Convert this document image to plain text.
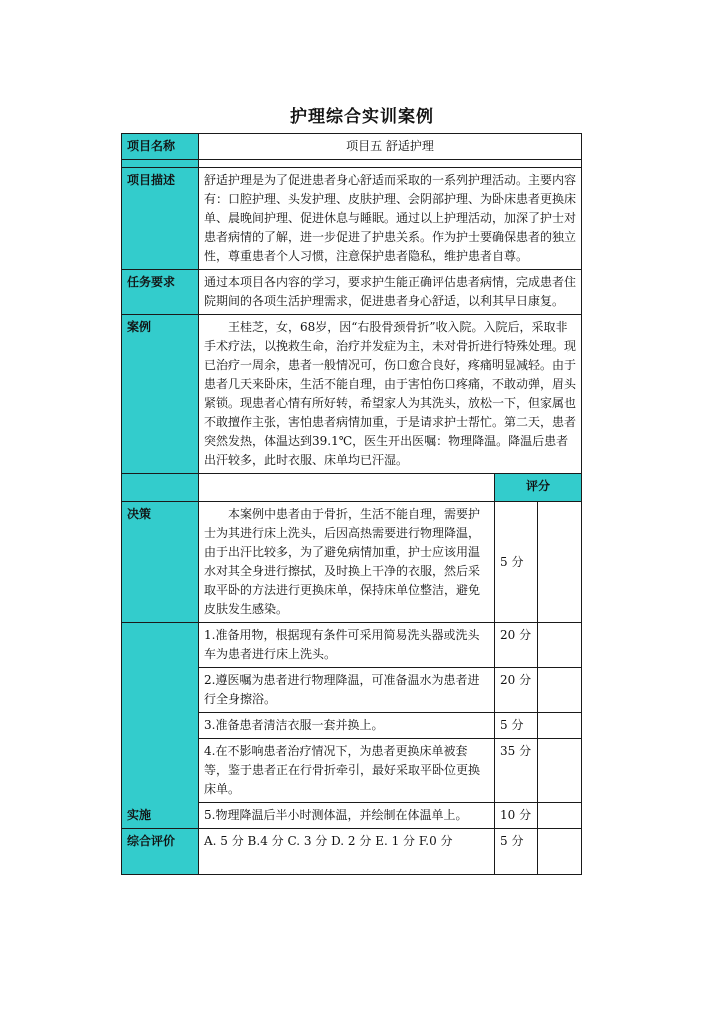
护理综合实训案例
项目名称	项目五 舒适护理		

项目描述	舒适护理是为了促进患者身心舒适而采取的一系列护理活动。主要内容有：口腔护理、头发护理、皮肤护理、会阴部护理、为卧床患者更换床单、晨晚间护理、促进休息与睡眠。通过以上护理活动，加深了护士对患者病情的了解，进一步促进了护患关系。作为护士要确保患者的独立性，尊重患者个人习惯，注意保护患者隐私，维护患者自尊。		
任务要求	通过本项目各内容的学习，要求护生能正确评估患者病情，完成患者住院期间的各项生活护理需求，促进患者身心舒适，以利其早日康复。		
案例	王桂芝，女，68岁，因“右股骨颈骨折”收入院。入院后，采取非手术疗法，以挽救生命，治疗并发症为主，未对骨折进行特殊处理。现已治疗一周余，患者一般情况可，伤口愈合良好，疼痛明显减轻。由于患者几天来卧床，生活不能自理，由于害怕伤口疼痛，不敢动弹，眉头紧锁。现患者心情有所好转，希望家人为其洗头，放松一下，但家属也不敢擅作主张，害怕患者病情加重，于是请求护士帮忙。第二天，患者突然发热，体温达到39.1℃，医生开出医嘱：物理降温。降温后患者出汗较多，此时衣服、床单均已汗湿。		
		评分	
决策	本案例中患者由于骨折，生活不能自理，需要护士为其进行床上洗头，后因高热需要进行物理降温，由于出汗比较多，为了避免病情加重，护士应该用温水对其全身进行擦拭，及时换上干净的衣服，然后采取平卧的方法进行更换床单，保持床单位整洁，避免皮肤发生感染。	5 分	
实施	1.准备用物，根据现有条件可采用简易洗头器或洗头车为患者进行床上洗头。	20 分	
	2.遵医嘱为患者进行物理降温，可准备温水为患者进行全身擦浴。	20 分	
	3.准备患者清洁衣服一套并换上。	5 分	
	4.在不影响患者治疗情况下，为患者更换床单被套等，鉴于患者正在行骨折牵引，最好采取平卧位更换床单。	35 分	
	5.物理降温后半小时测体温，并绘制在体温单上。	10 分	
综合评价	A. 5 分 B.4 分 C. 3 分 D. 2 分 E. 1 分 F.0 分	5 分	
